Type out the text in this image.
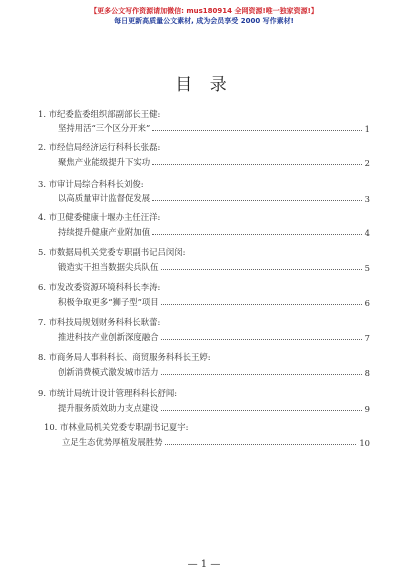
【更多公文写作资源请加微信: mus180914 全网资源!唯一独家资源!】
每日更新高质量公文素材, 成为会员享受 2000 写作素材!
目 录
1. 市纪委监委组织部副部长王健:
坚持用活“三个区分开来”	1
2. 市经信局经济运行科科长张磊:
聚焦产业能级提升下实功	2
3. 市审计局综合科科长刘俊:
以高质量审计监督促发展	3
4. 市卫健委健康十堰办主任汪洋:
持续提升健康产业附加值	4
5. 市数据局机关党委专职副书记吕闵闵:
锻造实干担当数据尖兵队伍	5
6. 市发改委资源环境科科长李涛:
积极争取更多“狮子型”项目	6
7. 市科技局规划财务科科长耿蕾:
推进科技产业创新深度融合	7
8. 市商务局人事科科长、商贸服务科科长王婷:
创新消费模式激发城市活力	8
9. 市统计局统计设计管理科科长舒闻:
提升服务质效助力支点建设	9
10. 市林业局机关党委专职副书记夏宇:
立足生态优势厚植发展胜势	10
— 1 —
